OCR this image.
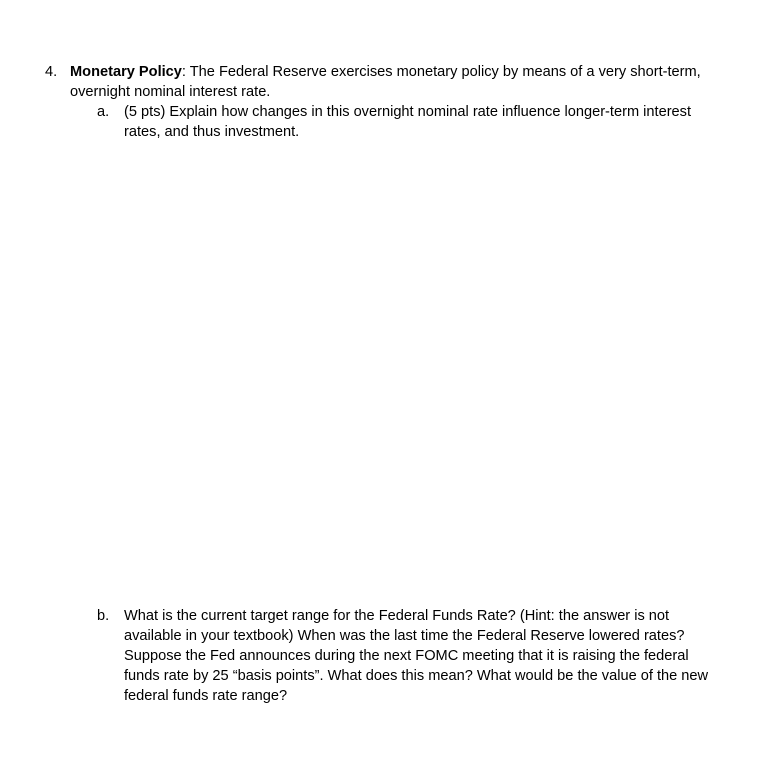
4. Monetary Policy: The Federal Reserve exercises monetary policy by means of a very short-term, overnight nominal interest rate.
a. (5 pts) Explain how changes in this overnight nominal rate influence longer-term interest rates, and thus investment.
b. What is the current target range for the Federal Funds Rate? (Hint: the answer is not available in your textbook) When was the last time the Federal Reserve lowered rates? Suppose the Fed announces during the next FOMC meeting that it is raising the federal funds rate by 25 “basis points”. What does this mean? What would be the value of the new federal funds rate range?
